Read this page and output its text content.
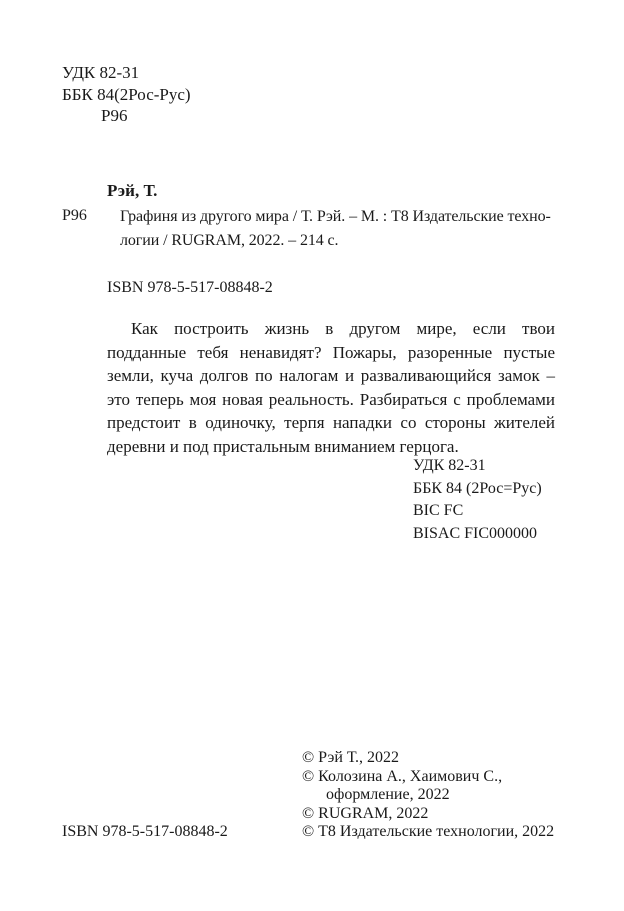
УДК 82-31
ББК 84(2Рос-Рус)
Р96
Рэй, Т.
Р96 Графиня из другого мира / Т. Рэй. – М. : Т8 Издательские техно-логии / RUGRAM, 2022. – 214 с.
ISBN 978-5-517-08848-2
Как построить жизнь в другом мире, если твои подданные тебя ненавидят? Пожары, разоренные пустые земли, куча долгов по налогам и разваливающийся замок – это теперь моя новая реальность. Разбираться с проблемами предстоит в одиночку, терпя нападки со стороны жителей деревни и под пристальным вниманием герцога.
УДК 82-31
ББК 84 (2Рос=Рус)
BIC FC
BISAC FIC000000
ISBN 978-5-517-08848-2
© Рэй Т., 2022
© Колозина А., Хаимович С.,
оформление, 2022
© RUGRAM, 2022
© Т8 Издательские технологии, 2022
